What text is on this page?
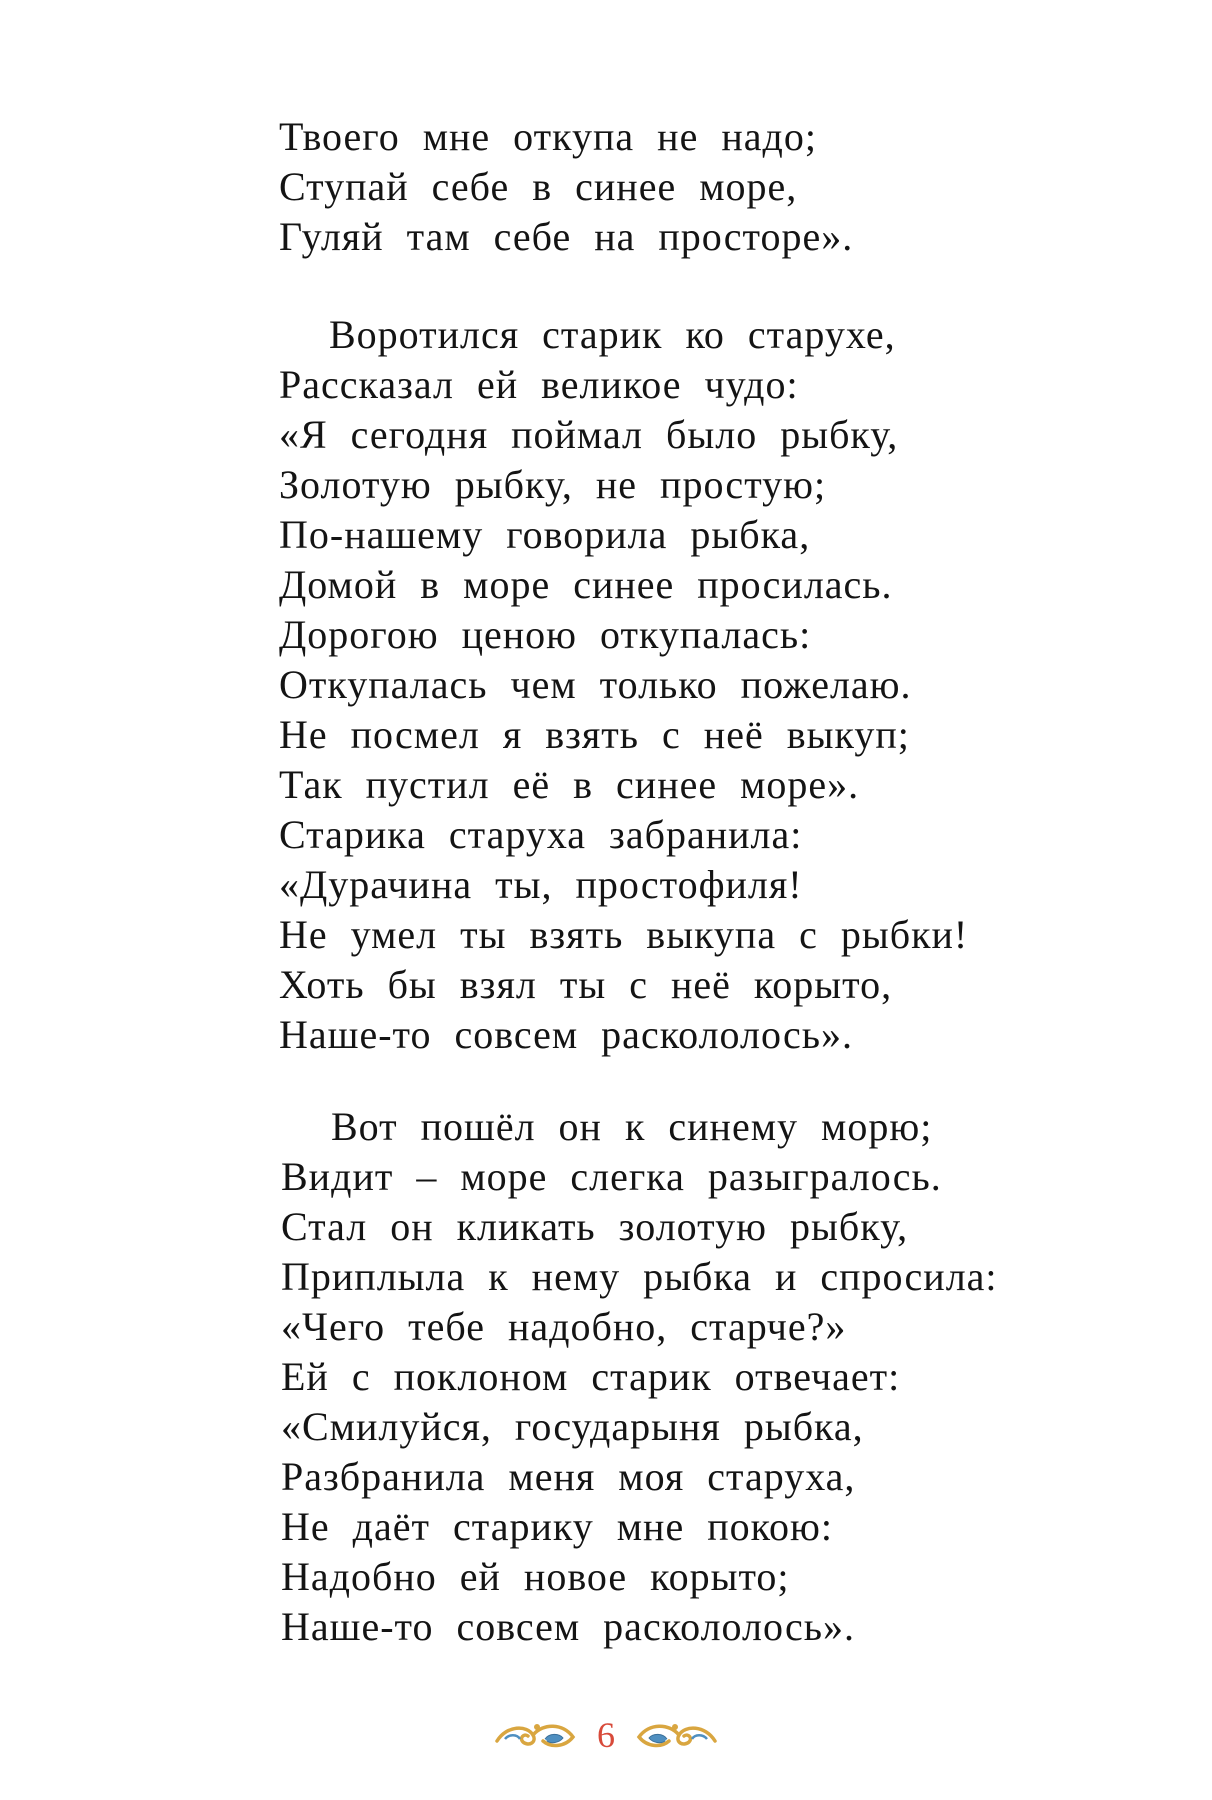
Твоего мне откупа не надо;
Ступай себе в синее море,
Гуляй там себе на просторе».
Воротился старик ко старухе,
Рассказал ей великое чудо:
«Я сегодня поймал было рыбку,
Золотую рыбку, не простую;
По-нашему говорила рыбка,
Домой в море синее просилась.
Дорогою ценою откупалась:
Откупалась чем только пожелаю.
Не посмел я взять с неё выкуп;
Так пустил её в синее море».
Старика старуха забранила:
«Дурачина ты, простофиля!
Не умел ты взять выкупа с рыбки!
Хоть бы взял ты с неё корыто,
Наше-то совсем раскололось».
Вот пошёл он к синему морю;
Видит – море слегка разыгралось.
Стал он кликать золотую рыбку,
Приплыла к нему рыбка и спросила:
«Чего тебе надобно, старче?»
Ей с поклоном старик отвечает:
«Смилуйся, государыня рыбка,
Разбранила меня моя старуха,
Не даёт старику мне покою:
Надобно ей новое корыто;
Наше-то совсем раскололось».
6
